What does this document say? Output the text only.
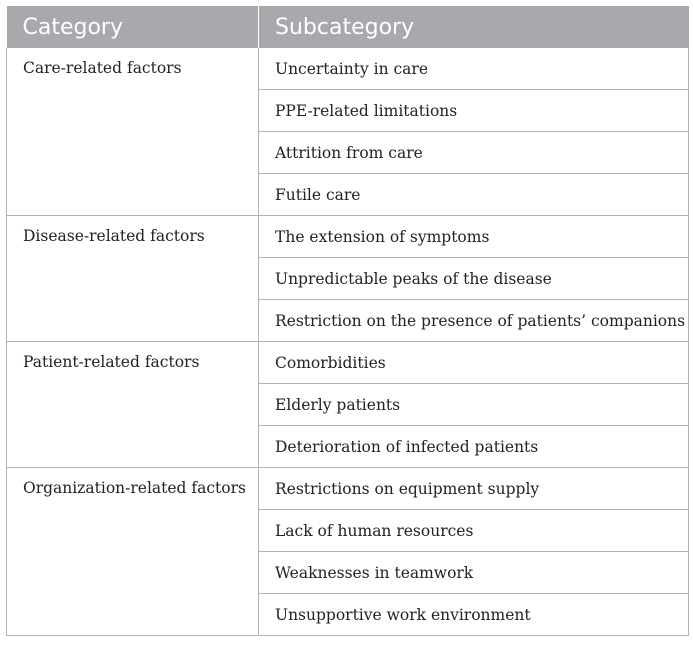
Category	Subcategory
Care-related factors	Uncertainty in care
	PPE-related limitations
	Attrition from care
	Futile care
Disease-related factors	The extension of symptoms
	Unpredictable peaks of the disease
	Restriction on the presence of patients’ companions
Patient-related factors	Comorbidities
	Elderly patients
	Deterioration of infected patients
Organization-related factors	Restrictions on equipment supply
	Lack of human resources
	Weaknesses in teamwork
	Unsupportive work environment
